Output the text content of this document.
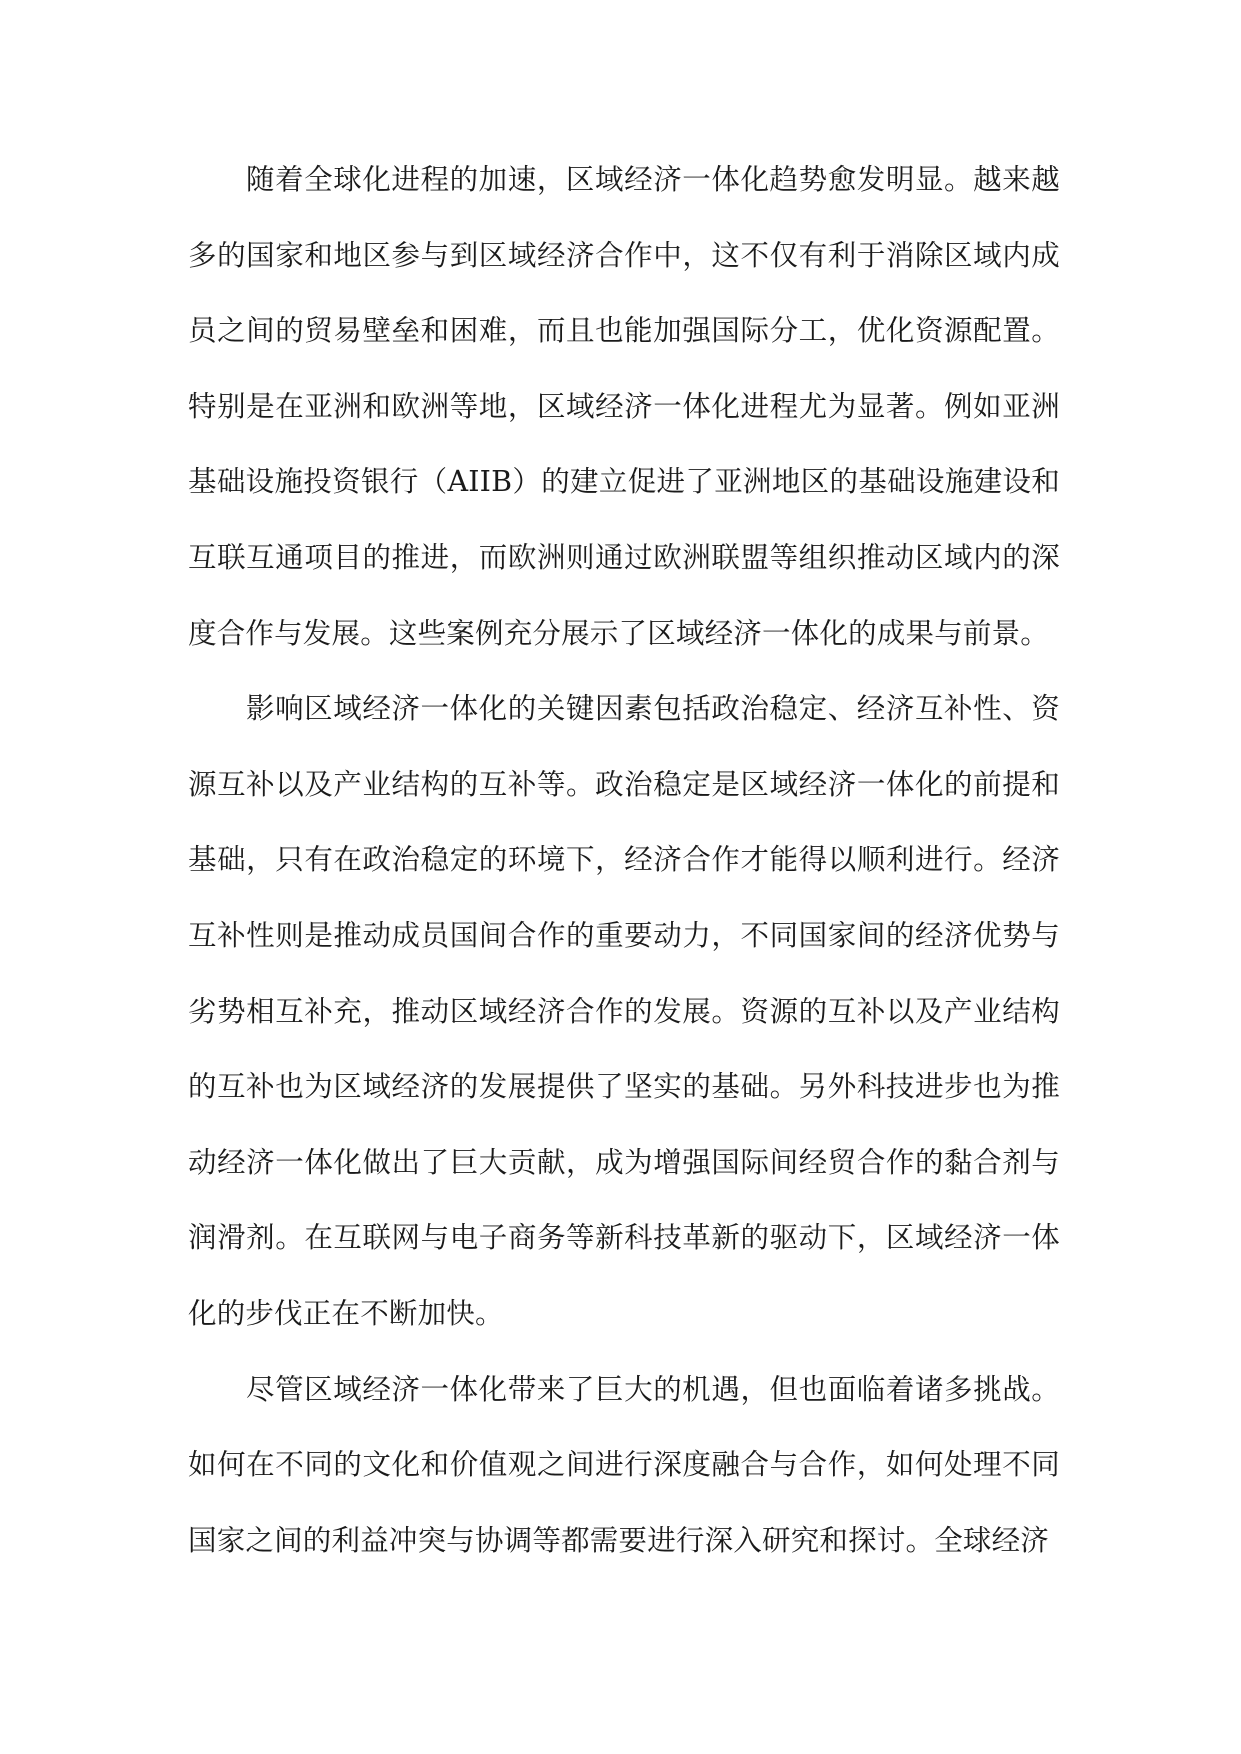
随着全球化进程的加速，区域经济一体化趋势愈发明显。越来越多的国家和地区参与到区域经济合作中，这不仅有利于消除区域内成员之间的贸易壁垒和困难，而且也能加强国际分工，优化资源配置。特别是在亚洲和欧洲等地，区域经济一体化进程尤为显著。例如亚洲基础设施投资银行（AIIB）的建立促进了亚洲地区的基础设施建设和互联互通项目的推进，而欧洲则通过欧洲联盟等组织推动区域内的深度合作与发展。这些案例充分展示了区域经济一体化的成果与前景。

影响区域经济一体化的关键因素包括政治稳定、经济互补性、资源互补以及产业结构的互补等。政治稳定是区域经济一体化的前提和基础，只有在政治稳定的环境下，经济合作才能得以顺利进行。经济互补性则是推动成员国间合作的重要动力，不同国家间的经济优势与劣势相互补充，推动区域经济合作的发展。资源的互补以及产业结构的互补也为区域经济的发展提供了坚实的基础。另外科技进步也为推动经济一体化做出了巨大贡献，成为增强国际间经贸合作的黏合剂与润滑剂。在互联网与电子商务等新科技革新的驱动下，区域经济一体化的步伐正在不断加快。

尽管区域经济一体化带来了巨大的机遇，但也面临着诸多挑战。如何在不同的文化和价值观之间进行深度融合与合作，如何处理不同国家之间的利益冲突与协调等都需要进行深入研究和探讨。全球经济
